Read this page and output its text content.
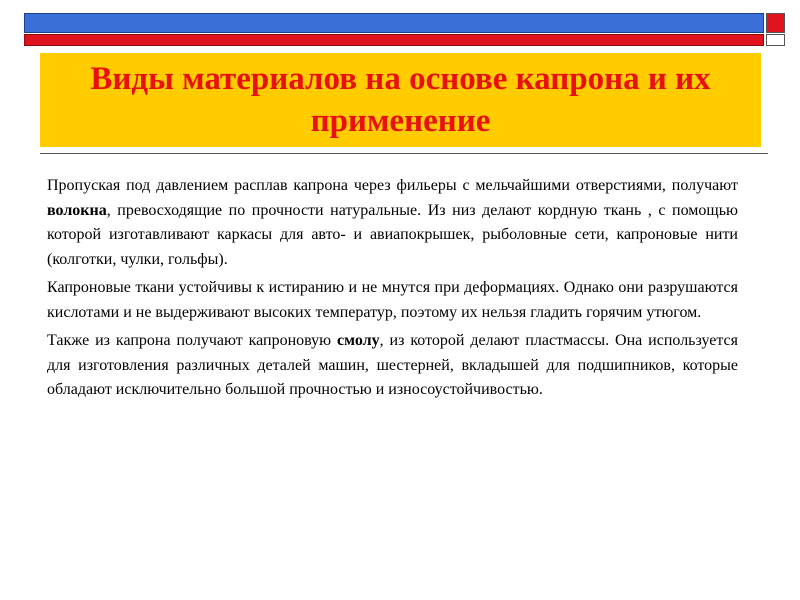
Виды материалов на основе капрона и их применение

Пропуская под давлением расплав капрона через фильеры с мельчайшими отверстиями, получают волокна, превосходящие по прочности натуральные. Из низ делают кордную ткань , с помощью которой изготавливают каркасы для авто- и авиапокрышек, рыболовные сети, капроновые нити (колготки, чулки, гольфы).

Капроновые ткани устойчивы к истиранию и не мнутся при деформациях. Однако они разрушаются кислотами и не выдерживают высоких температур, поэтому их нельзя гладить горячим утюгом.

Также из капрона получают капроновую смолу, из которой делают пластмассы. Она используется для изготовления различных деталей машин, шестерней, вкладышей для подшипников, которые обладают исключительно большой прочностью и износоустойчивостью.
